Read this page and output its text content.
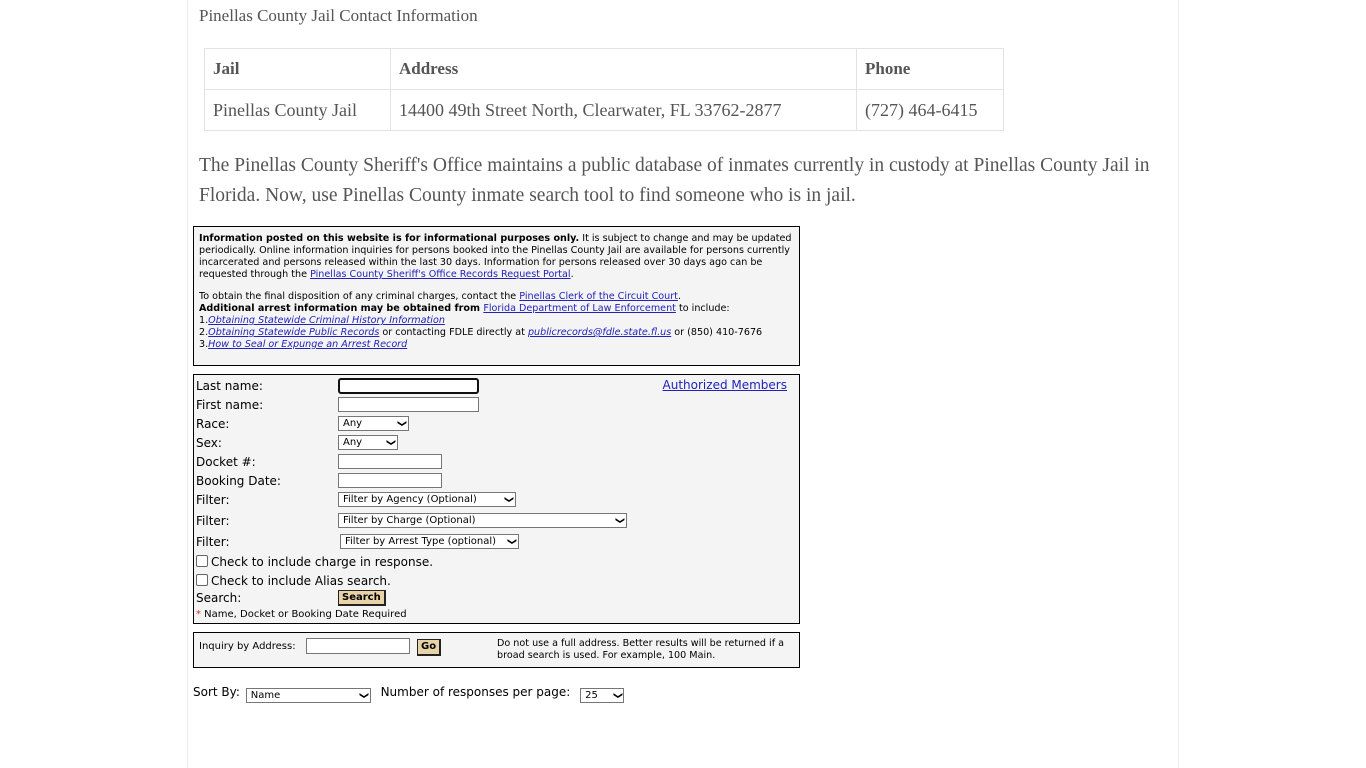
Pinellas County Jail Contact Information
Jail	Address	Phone
Pinellas County Jail	14400 49th Street North, Clearwater, FL 33762-2877	(727) 464-6415

The Pinellas County Sheriff's Office maintains a public database of inmates currently in custody at Pinellas County Jail in Florida. Now, use Pinellas County inmate search tool to find someone who is in jail.

Information posted on this website is for informational purposes only. It is subject to change and may be updated periodically. Online information inquiries for persons booked into the Pinellas County Jail are available for persons currently incarcerated and persons released within the last 30 days. Information for persons released over 30 days ago can be requested through the Pinellas County Sheriff's Office Records Request Portal.

To obtain the final disposition of any criminal charges, contact the Pinellas Clerk of the Circuit Court.
Additional arrest information may be obtained from Florida Department of Law Enforcement to include:
1.Obtaining Statewide Criminal History Information
2.Obtaining Statewide Public Records or contacting FDLE directly at publicrecords@fdle.state.fl.us or (850) 410-7676
3.How to Seal or Expunge an Arrest Record

Authorized Members
Last name:
First name:
Race:	Any	❯
Sex:	Any	❯
Docket #:
Booking Date:
Filter:	Filter by Agency (Optional)	❯
Filter:	Filter by Charge (Optional)	❯
Filter:	Filter by Arrest Type (optional) ❯
Check to include charge in response.
Check to include Alias search.
Search:	Search
* Name, Docket or Booking Date Required
Inquiry by Address:	Go	Do not use a full address. Better results will be returned if a broad search is used. For example, 100 Main.
Sort By: Name	❯ Number of responses per page: 25 ❯
